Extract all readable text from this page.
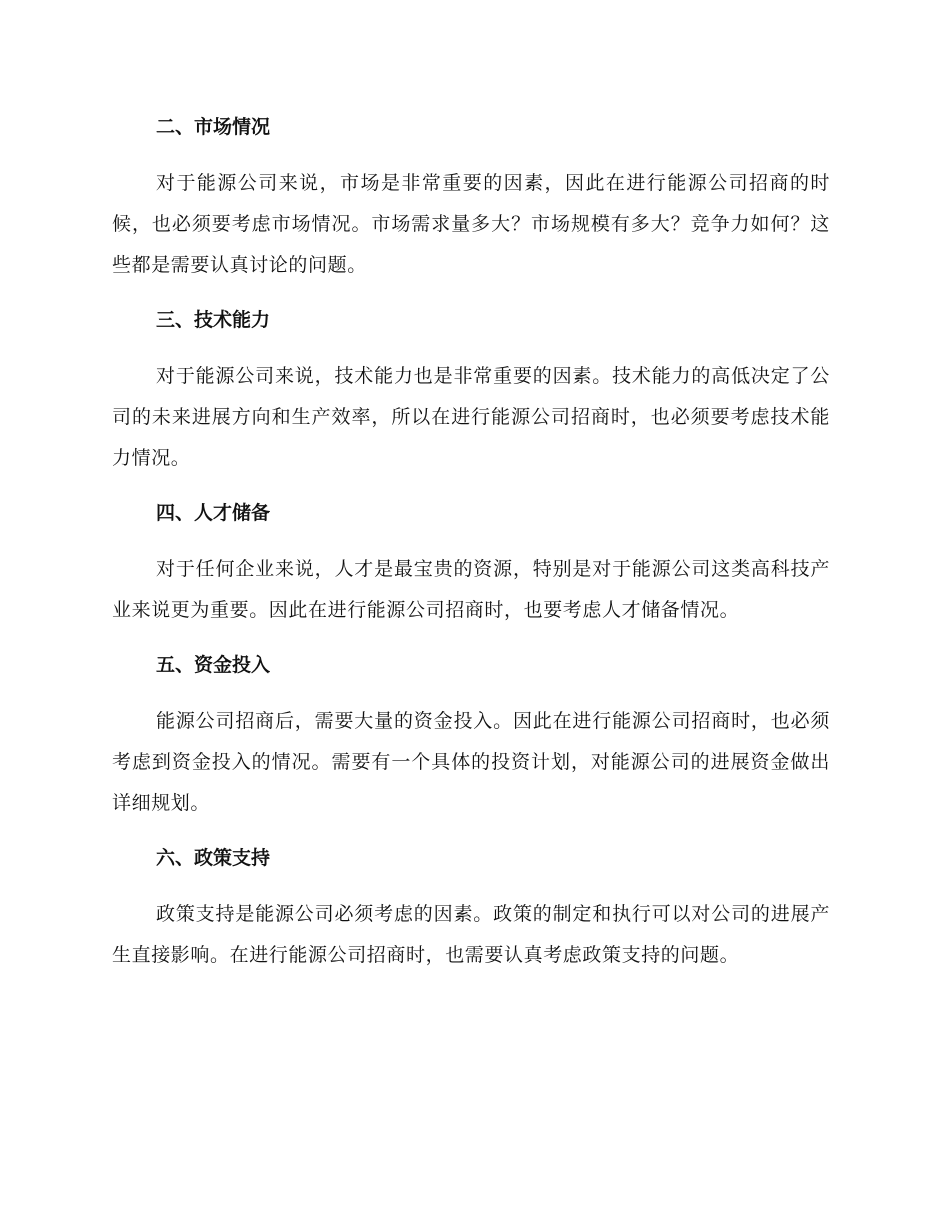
二、市场情况

对于能源公司来说，市场是非常重要的因素，因此在进行能源公司招商的时候，也必须要考虑市场情况。市场需求量多大？市场规模有多大？竞争力如何？这些都是需要认真讨论的问题。

三、技术能力

对于能源公司来说，技术能力也是非常重要的因素。技术能力的高低决定了公司的未来进展方向和生产效率，所以在进行能源公司招商时，也必须要考虑技术能力情况。

四、人才储备

对于任何企业来说，人才是最宝贵的资源，特别是对于能源公司这类高科技产业来说更为重要。因此在进行能源公司招商时，也要考虑人才储备情况。

五、资金投入

能源公司招商后，需要大量的资金投入。因此在进行能源公司招商时，也必须考虑到资金投入的情况。需要有一个具体的投资计划，对能源公司的进展资金做出详细规划。

六、政策支持

政策支持是能源公司必须考虑的因素。政策的制定和执行可以对公司的进展产生直接影响。在进行能源公司招商时，也需要认真考虑政策支持的问题。
